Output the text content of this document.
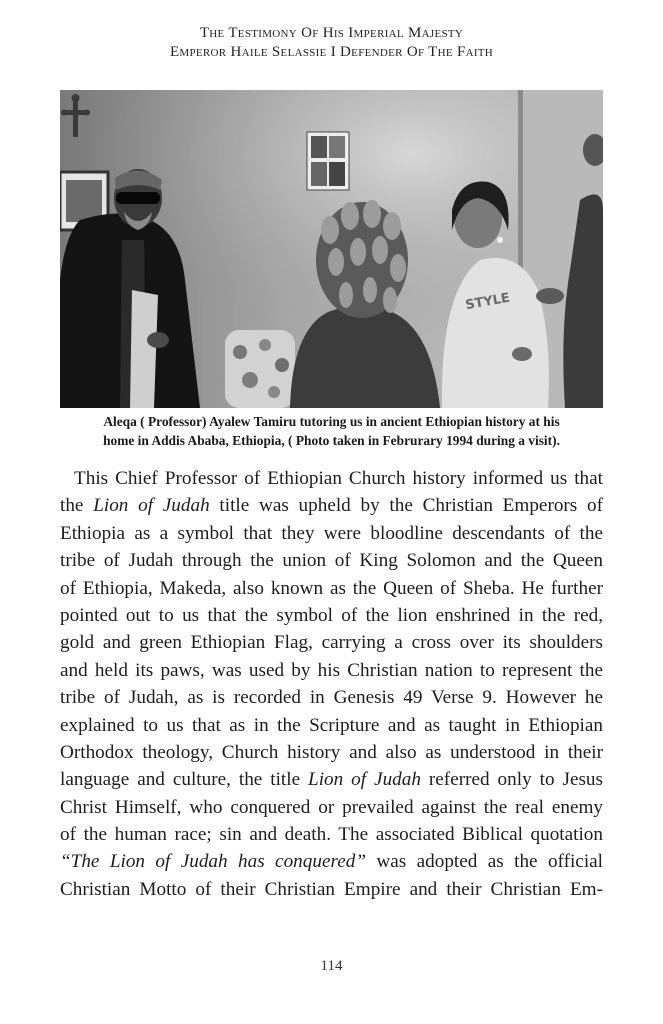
The Testimony Of His Imperial Majesty
Emperor Haile Selassie I Defender Of The Faith
STYLE
Aleqa ( Professor) Ayalew Tamiru tutoring us in ancient Ethiopian history at his
home in Addis Ababa, Ethiopia, ( Photo taken in Februrary 1994 during a visit).
This Chief Professor of Ethiopian Church history informed us that
the Lion of Judah title was upheld by the Christian Emperors of
Ethiopia as a symbol that they were bloodline descendants of the
tribe of Judah through the union of King Solomon and the Queen
of Ethiopia, Makeda, also known as the Queen of Sheba. He further
pointed out to us that the symbol of the lion enshrined in the red,
gold and green Ethiopian Flag, carrying a cross over its shoulders
and held its paws, was used by his Christian nation to represent the
tribe of Judah, as is recorded in Genesis 49 Verse 9. However he
explained to us that as in the Scripture and as taught in Ethiopian
Orthodox theology, Church history and also as understood in their
language and culture, the title Lion of Judah referred only to Jesus
Christ Himself, who conquered or prevailed against the real enemy
of the human race; sin and death. The associated Biblical quotation
“The Lion of Judah has conquered” was adopted as the official
Christian Motto of their Christian Empire and their Christian Em-
114
